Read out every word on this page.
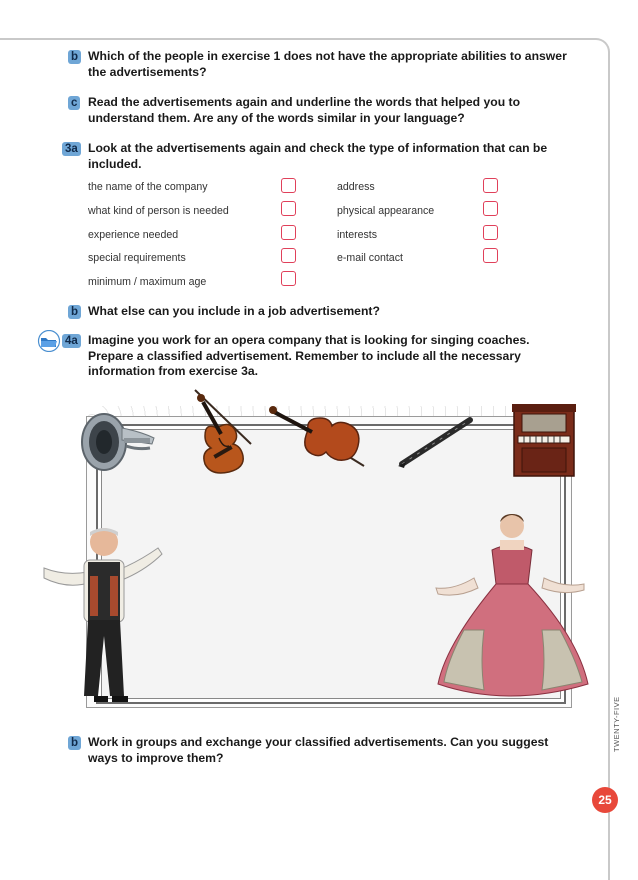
b Which of the people in exercise 1 does not have the appropriate abilities to answer the advertisements?
c Read the advertisements again and underline the words that helped you to understand them. Are any of the words similar in your language?
3a Look at the advertisements again and check the type of information that can be included.
the name of the company
what kind of person is needed
experience needed
special requirements
minimum / maximum age
address
physical appearance
interests
e-mail contact
b What else can you include in a job advertisement?
4a Imagine you work for an opera company that is looking for singing coaches. Prepare a classified advertisement. Remember to include all the necessary information from exercise 3a.
b Work in groups and exchange your classified advertisements. Can you suggest ways to improve them?
TWENTY-FIVE
25
